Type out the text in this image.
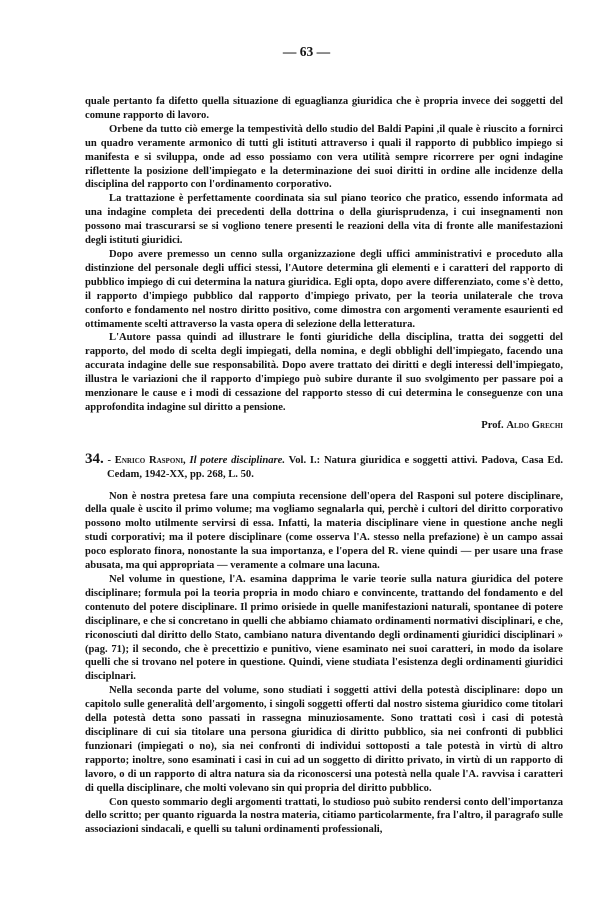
— 63 —

quale pertanto fa difetto quella situazione di eguaglianza giuridica che è propria invece dei soggetti del comune rapporto di lavoro.

Orbene da tutto ciò emerge la tempestività dello studio del Baldi Papini ,il quale è riuscito a fornirci un quadro veramente armonico di tutti gli istituti attraverso i quali il rapporto di pubblico impiego si manifesta e si sviluppa, onde ad esso possiamo con vera utilità sempre ricorrere per ogni indagine riflettente la posizione dell'impiegato e la determinazione dei suoi diritti in ordine alle incidenze della disciplina del rapporto con l'ordinamento corporativo.

La trattazione è perfettamente coordinata sia sul piano teorico che pratico, essendo informata ad una indagine completa dei precedenti della dottrina o della giurisprudenza, i cui insegnamenti non possono mai trascurarsi se si vogliono tenere presenti le reazioni della vita di fronte alle manifestazioni degli istituti giuridici.

Dopo avere premesso un cenno sulla organizzazione degli uffici amministrativi e proceduto alla distinzione del personale degli uffici stessi, l'Autore determina gli elementi e i caratteri del rapporto di pubblico impiego di cui determina la natura giuridica. Egli opta, dopo avere differenziato, come s'è detto, il rapporto d'impiego pubblico dal rapporto d'impiego privato, per la teoria unilaterale che trova conforto e fondamento nel nostro diritto positivo, come dimostra con argomenti veramente esaurienti ed ottimamente scelti attraverso la vasta opera di selezione della letteratura.

L'Autore passa quindi ad illustrare le fonti giuridiche della disciplina, tratta dei soggetti del rapporto, del modo di scelta degli impiegati, della nomina, e degli obblighi dell'impiegato, facendo una accurata indagine delle sue responsabilità. Dopo avere trattato dei diritti e degli interessi dell'impiegato, illustra le variazioni che il rapporto d'impiego può subire durante il suo svolgimento per passare poi a menzionare le cause e i modi di cessazione del rapporto stesso di cui determina le conseguenze con una approfondita indagine sul diritto a pensione.

Prof. Aldo Grechi

34. - Enrico Rasponi, Il potere disciplinare. Vol. I.: Natura giuridica e soggetti attivi. Padova, Casa Ed. Cedam, 1942-XX, pp. 268, L. 50.

Non è nostra pretesa fare una compiuta recensione dell'opera del Rasponi sul potere disciplinare, della quale è uscito il primo volume; ma vogliamo segnalarla qui, perchè i cultori del diritto corporativo possono molto utilmente servirsi di essa. Infatti, la materia disciplinare viene in questione anche negli studi corporativi; ma il potere disciplinare (come osserva l'A. stesso nella prefazione) è un campo assai poco esplorato finora, nonostante la sua importanza, e l'opera del R. viene quindi — per usare una frase abusata, ma qui appropriata — veramente a colmare una lacuna.

Nel volume in questione, l'A. esamina dapprima le varie teorie sulla natura giuridica del potere disciplinare; formula poi la teoria propria in modo chiaro e convincente, trattando del fondamento e del contenuto del potere disciplinare. Il primo orisiede in quelle manifestazioni naturali, spontanee di potere disciplinare, e che si concretano in quelli che abbiamo chiamato ordinamenti normativi disciplinari, e che, riconosciuti dal diritto dello Stato, cambiano natura diventando degli ordinamenti giuridici disciplinari » (pag. 71); il secondo, che è precettizio e punitivo, viene esaminato nei suoi caratteri, in modo da isolare quelli che si trovano nel potere in questione. Quindi, viene studiata l'esistenza degli ordinamenti giuridici disciplnari.

Nella seconda parte del volume, sono studiati i soggetti attivi della potestà disciplinare: dopo un capitolo sulle generalità dell'argomento, i singoli soggetti offerti dal nostro sistema giuridico come titolari della potestà detta sono passati in rassegna minuziosamente. Sono trattati così i casi di potestà disciplinare di cui sia titolare una persona giuridica di diritto pubblico, sia nei confronti di pubblici funzionari (impiegati o no), sia nei confronti di individui sottoposti a tale potestà in virtù di altro rapporto; inoltre, sono esaminati i casi in cui ad un soggetto di diritto privato, in virtù di un rapporto di lavoro, o di un rapporto di altra natura sia da riconoscersi una potestà nella quale l'A. ravvisa i caratteri di quella disciplinare, che molti volevano sin qui propria del diritto pubblico.

Con questo sommario degli argomenti trattati, lo studioso può subito rendersi conto dell'importanza dello scritto; per quanto riguarda la nostra materia, citiamo particolarmente, fra l'altro, il paragrafo sulle associazioni sindacali, e quelli su taluni ordinamenti professionali,
